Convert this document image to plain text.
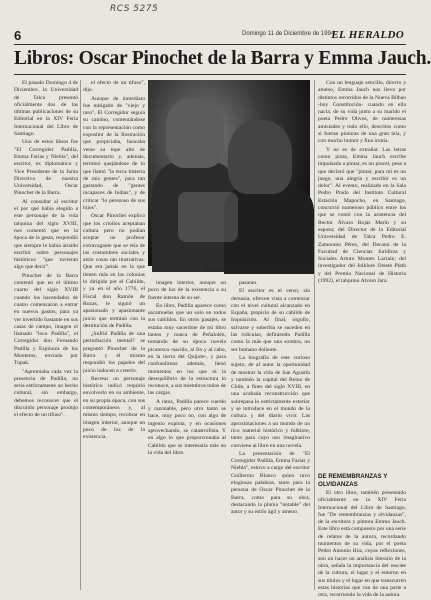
RCS 5275
6	Domingo 11 de Diciembre de 1994
EL HERALDO
Libros: Oscar Pinochet de la Barra y Emma Jauch.

El pasado Domingo 4 de Diciembre, la Universidad de Talca presentó oficialmente dos de las últimas publicaciones de su Editorial en la XIV Feria Internacional del Libro de Santiago.

Uno de estos libros fue "El Corregidor Padilla, Emma Farías y Niebla", del escritor, ex diplomático y Vice Presidente de la Junta Directiva de nuestra Universidad, Oscar Pinochet de la Barra.

Al consultar al escritor el por qué había elegido a este personaje de la vida talquina del siglo XVIII, nos comentó que en la época de la gesta, respondió que siempre le había atraído escribir sobre personajes históricos "que tuvieran algo que decir".

Pinochet de la Barra comentó que en el último cuarto del siglo XVIII cuando los hacendados de cuatro comenzaron a entrar en nuevos gastos, para ya ver invertido bastante en sus casas de campo, imagen el llamado "loco Padilla", el Corregidor don Fernando Padilla y Espinoza de los Monteros, enviado por Tupak.

"Apremiaba cada vez la presencia de Padilla, no sería estrictamente un hecho cultural, sin embargo, debemos reconocer que el discutido personaje produjo el efecto de un tifuso".

el efecto de un tifuso", dijo.

Aunque de inmediato fue mitigado de "viejo y raro", El Corregidor seguía su camino, contentándose con la representación como expositor de la Ilustración que propiciaba, buscaba verse su tope alto de documentarlo y, además, terminó quejándose de lo que llamó "la terca histeria de mis gentes", para tan gastando de "gentes incapaces de Indias", y de criticar "lo perezoso de sus hijos".

Oscar Pinochet explicó que los criollos aceptaban cultura pero no podían aceptar un profesor extravagante que se reía de las costumbres sociales y aislo cosas tan ilustrativas. Que era jamás en la que tienen más en las colonias lo dirigida por el Cabildo, y ya en el año 1776, el Fiscal don Ramón de Rozas, le siguió un apasionado y apasionante juicio que terminó con la destitución de Padilla.

¿Sufrió Padilla de una perturbación mental? se preguntó Pinochet de la Barra y él mismo respondió los papeles del juicio inducen a creerlo.

Recrear un personaje histórico indicó requirió envolverlo en su ambiente, en su propia época, con sus contemporáneos y, al mismo tiempo, recobrar en imagen interior, aunque un poco de luz de la existencia.

Emma Jauch, junto a Roque Esteban Scarpa.

imagen interior, aunque un poco de luz de la existencia a su fuente interna de su ser.

En libro, Padilla aparece como sacamuelas que un solo en todos sus cabildos. En otros pasajes, se estaba muy sacerdote de mi libro tantos y nunca de Peñalolén, tomando de su época novela picaresca -nacido, al fin y al cabo, en la tierra del Quijote-, y para confundirnos además, llenó momentos en los que ni la desequilibrio de la estructura lo reconoce, a sus miembros todos de las cargas.

A ratos, Padilla parece cuerdo y razonable, pero otro tanto se hace, muy poco no, con algo de ingenio explota, y en ocasiones aprovechando, se catastrofista. Y en algo lo que proporcionaba al Cabildo que se interesaría más en la vida del libro.

pasaran.

El escritor es el verso, sin demasía, ofrecen vista a comenzar con el nivel cultural alcanzado en España, propicio de su cabildo de Inquisición. Al final, orgullo, salvarse y soberbia se suceden en las ridículas, definiendo Padilla como la más que una sombra, un ser humano doliente.

La biografía de este curioso sujeto, de al autor la oportunidad de mostrar la vida de San Agustín y también la capital del Reino de Chile, a fines del siglo XVIII, en una acabada reconstrucción que sobrepasa lo estrictamente exterior y se introduce en el mundo de la cultura y del diario vivir. Las aproximaciones a un mundo de un rico material histórico y folklore, tanto para cuyo uso imaginativo conviene al libro en una novela.

La presentación de "El Corregidor Padilla, Emma Farías y Niebla", estuvo a cargo del escritor Guillermo Blanco quien tuvo elogiosas palabras, tanto para la persona de Oscar Pinochet de la Barra, como para su obra, destacando la pluma "notable" del autor y su estilo ágil y ameno.

Con un lenguaje sencillo, directo y ameno, Emma Jauch nos lleva por distintos recorridos de la Nueva Bilbao -hoy Constitución- cuando en ella nacía, de su vida junto a su marido el poeta Pedro Olivos, de numerosas amistades y todo ello, descritos como si fueran pinturas de una gran tela, y con mucho humor y fina ironía.

Y no es de extrañar. Las letras como pinta, Emma Jauch escribe impulsada a pintar, es un pincel, pese a que declaró que "pintar, para mí es un juego, una alegría y escribir es un dolor". Al evento, realizado en la Sala Pedro Prado del Instituto Cultural Estación Mapocho, en Santiago, concurrió numeroso público entre los que se contó con la asistencia del Rector Álvaro Rojas Marín y su esposa; del Director de la Editorial Universidad de Talca Pedro E. Zamorano Pérez, del Decano de la Facultad de Ciencias Jurídicas y Sociales Arturo Montes Larraín; del investigador del folklore Oreste Plath y del Premio Nacional de Historia (1992), el talquino Alvaro Jara.

DE REMEMBRANZAS Y OLVIDANZAS

El otro libro, también presentado oficialmente en la XIV Feria Internacional del Libro de Santiago, fue "De remembranzas y olvidanzas", de la escritora y pintora Emma Jauch. Este libro está compuesto por una serie de relatos de la autora, recordando momentos de su vida, por el poeta Pedro Antonio Hoz, cuyas reflexiones, son un hacer un análisis literario de la obra, señala la importancia del rescate de la cultura, el lugar y el entorno en sus títulos y el lugar en que transcurren estas historias que van de una parte a otra, recorriendo la vida de la autora.
